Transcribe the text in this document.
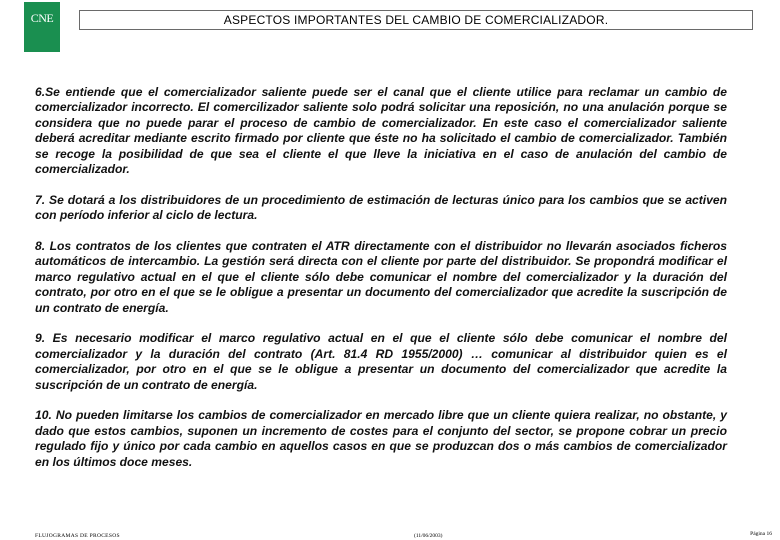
CNE	ASPECTOS IMPORTANTES DEL CAMBIO DE COMERCIALIZADOR.

6.Se entiende que el comercializador saliente puede ser el canal que el cliente utilice para reclamar un cambio de comercializador incorrecto. El comercilizador saliente solo podrá solicitar una reposición, no una anulación porque se considera que no puede parar el proceso de cambio de comercializador. En este caso el comercializador saliente deberá acreditar mediante escrito firmado por cliente que éste no ha solicitado el cambio de comercializador. También se recoge la posibilidad de que sea el cliente el que lleve la iniciativa en el caso de anulación del cambio de comercializador.

7. Se dotará a los distribuidores de un procedimiento de estimación de lecturas único para los cambios que se activen con período inferior al ciclo de lectura.

8. Los contratos de los clientes que contraten el ATR directamente con el distribuidor no llevarán asociados ficheros automáticos de intercambio. La gestión será directa con el cliente por parte del distribuidor. Se propondrá modificar el marco regulativo actual en el que el cliente sólo debe comunicar el nombre del comercializador y la duración del contrato, por otro en el que se le obligue a presentar un documento del comercializador que acredite la suscripción de un contrato de energía.

9. Es necesario modificar el marco regulativo actual en el que el cliente sólo debe comunicar el nombre del comercializador y la duración del contrato (Art. 81.4 RD 1955/2000) … comunicar al distribuidor quien es el comercializador, por otro en el que se le obligue a presentar un documento del comercializador que acredite la suscripción de un contrato de energía.

10. No pueden limitarse los cambios de comercializador en mercado libre que un cliente quiera realizar, no obstante, y dado que estos cambios, suponen un incremento de costes para el conjunto del sector, se propone cobrar un precio regulado fijo y único por cada cambio en aquellos casos en que se produzcan dos o más cambios de comercializador en los últimos doce meses.

FLUJOGRAMAS DE PROCESOS	(11/06/2003)	Página 16
